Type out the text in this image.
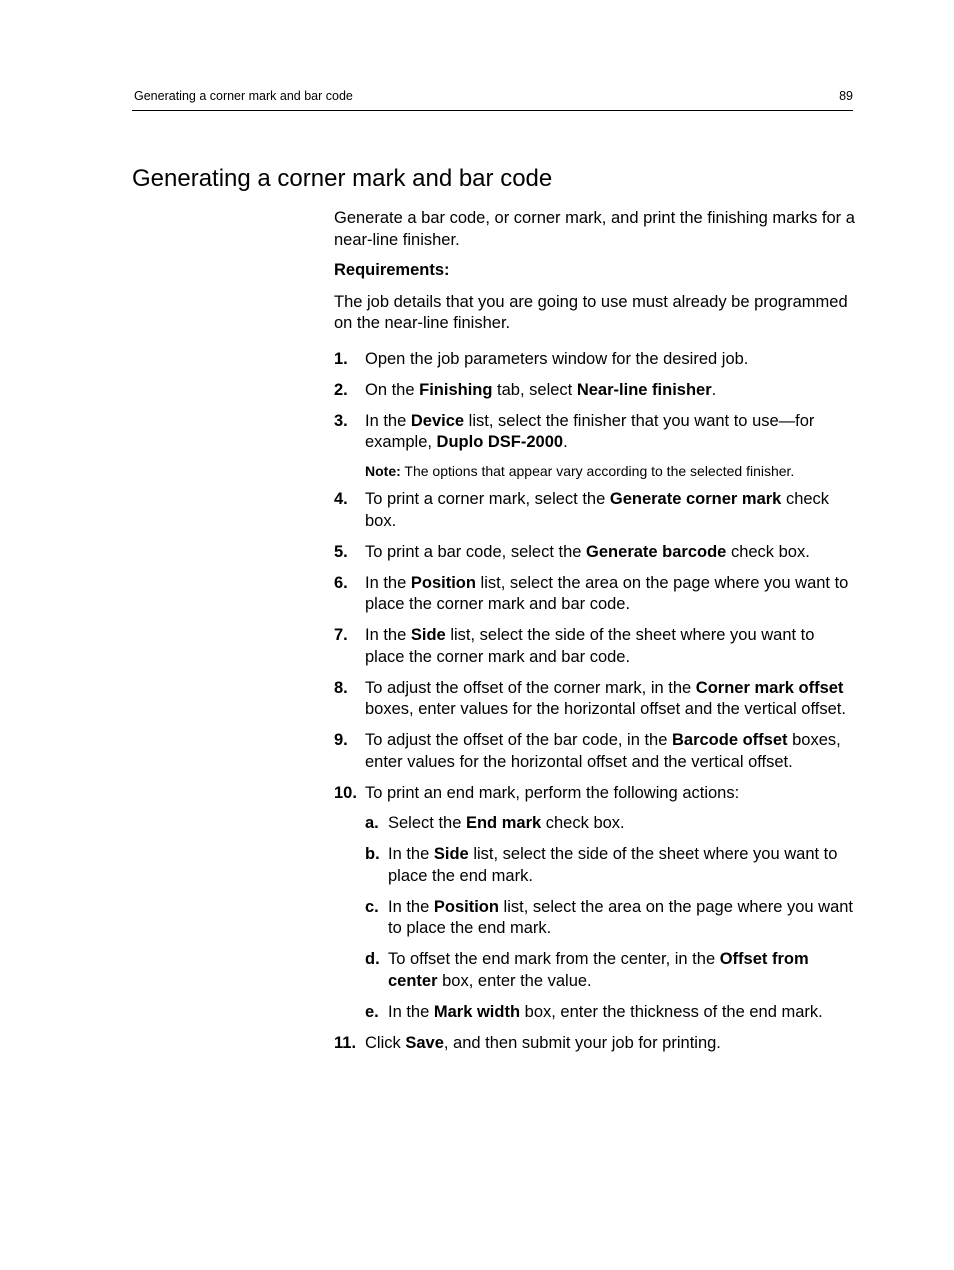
Generating a corner mark and bar code	89
Generating a corner mark and bar code

Generate a bar code, or corner mark, and print the finishing marks for a near-line finisher.

Requirements:

The job details that you are going to use must already be programmed on the near-line finisher.

1. Open the job parameters window for the desired job.
2. On the Finishing tab, select Near-line finisher.
3. In the Device list, select the finisher that you want to use—for example, Duplo DSF-2000.

Note: The options that appear vary according to the selected finisher.

4. To print a corner mark, select the Generate corner mark check box.
5. To print a bar code, select the Generate barcode check box.
6. In the Position list, select the area on the page where you want to place the corner mark and bar code.
7. In the Side list, select the side of the sheet where you want to place the corner mark and bar code.
8. To adjust the offset of the corner mark, in the Corner mark offset boxes, enter values for the horizontal offset and the vertical offset.
9. To adjust the offset of the bar code, in the Barcode offset boxes, enter values for the horizontal offset and the vertical offset.
10. To print an end mark, perform the following actions:
a. Select the End mark check box.
b. In the Side list, select the side of the sheet where you want to place the end mark.
c. In the Position list, select the area on the page where you want to place the end mark.
d. To offset the end mark from the center, in the Offset from center box, enter the value.
e. In the Mark width box, enter the thickness of the end mark.
11. Click Save, and then submit your job for printing.
